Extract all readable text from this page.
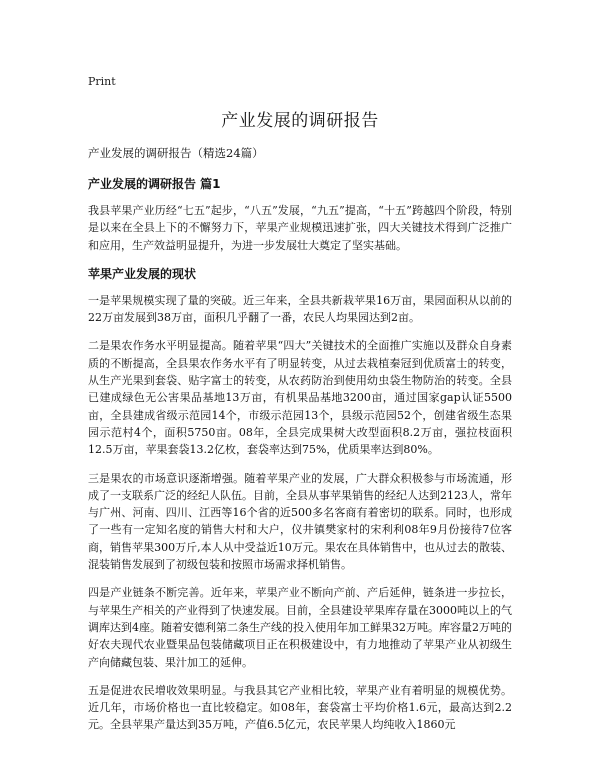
Print
产业发展的调研报告
产业发展的调研报告（精选24篇）
产业发展的调研报告 篇1

我县苹果产业历经“七五”起步，“八五”发展，“九五”提高，“十五”跨越四个阶段，特别是以来在全县上下的不懈努力下，苹果产业规模迅速扩张，四大关键技术得到广泛推广和应用，生产效益明显提升，为进一步发展壮大奠定了坚实基础。

苹果产业发展的现状

一是苹果规模实现了量的突破。近三年来，全县共新栽苹果16万亩，果园面积从以前的22万亩发展到38万亩，面积几乎翻了一番，农民人均果园达到2亩。

二是果农作务水平明显提高。随着苹果“四大”关键技术的全面推广实施以及群众自身素质的不断提高，全县果农作务水平有了明显转变，从过去栽植秦冠到优质富士的转变，从生产光果到套袋、贴字富士的转变，从农药防治到使用幼虫袋生物防治的转变。全县已建成绿色无公害果品基地13万亩，有机果品基地3200亩，通过国家gap认证5500亩，全县建成省级示范园14个，市级示范园13个，县级示范园52个，创建省级生态果园示范村4个，面积5750亩。08年，全县完成果树大改型面积8.2万亩，强拉枝面积12.5万亩，苹果套袋13.2亿枚，套袋率达到75%，优质果率达到80%。

三是果农的市场意识逐渐增强。随着苹果产业的发展，广大群众积极参与市场流通，形成了一支联系广泛的经纪人队伍。目前，全县从事苹果销售的经纪人达到2123人，常年与广州、河南、四川、江西等16个省的近500多名客商有着密切的联系。同时，也形成了一些有一定知名度的销售大村和大户，仪井镇樊家村的宋利利08年9月份接待7位客商，销售苹果300万斤,本人从中受益近10万元。果农在具体销售中，也从过去的散装、混装销售发展到了初级包装和按照市场需求择机销售。

四是产业链条不断完善。近年来，苹果产业不断向产前、产后延伸，链条进一步拉长，与苹果生产相关的产业得到了快速发展。目前，全县建设苹果库存量在3000吨以上的气调库达到4座。随着安德利第二条生产线的投入使用年加工鲜果32万吨。库容量2万吨的好农夫现代农业暨果品包装储藏项目正在积极建设中，有力地推动了苹果产业从初级生产向储藏包装、果汁加工的延伸。

五是促进农民增收效果明显。与我县其它产业相比较，苹果产业有着明显的规模优势。近几年，市场价格也一直比较稳定。如08年，套袋富士平均价格1.6元，最高达到2.2元。全县苹果产量达到35万吨，产值6.5亿元，农民苹果人均纯收入1860元
